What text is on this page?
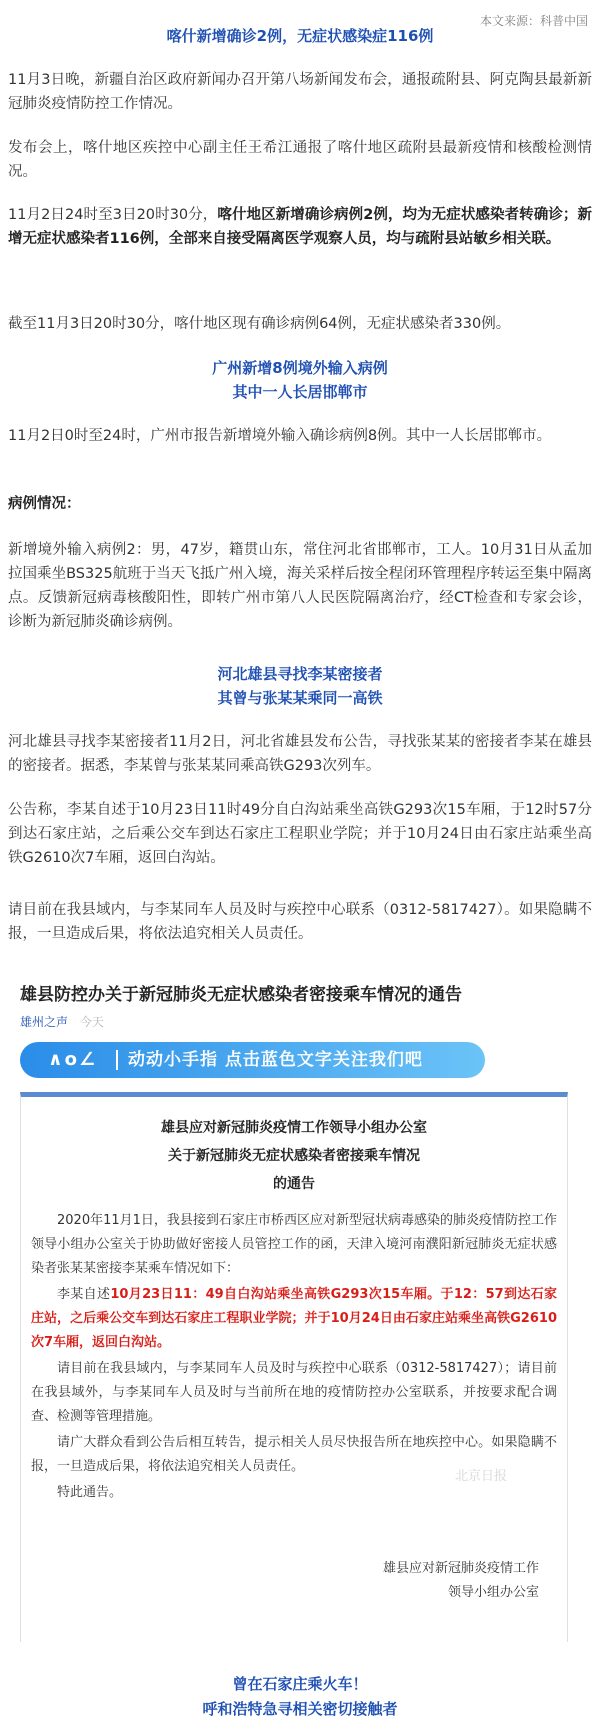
本文来源：科普中国
喀什新增确诊2例，无症状感染症116例
11月3日晚，新疆自治区政府新闻办召开第八场新闻发布会，通报疏附县、阿克陶县最新新冠肺炎疫情防控工作情况。
发布会上，喀什地区疾控中心副主任王希江通报了喀什地区疏附县最新疫情和核酸检测情况。
11月2日24时至3日20时30分，喀什地区新增确诊病例2例，均为无症状感染者转确诊；新增无症状感染者116例，全部来自接受隔离医学观察人员，均与疏附县站敏乡相关联。
截至11月3日20时30分，喀什地区现有确诊病例64例，无症状感染者330例。
广州新增8例境外输入病例
其中一人长居邯郸市
11月2日0时至24时，广州市报告新增境外输入确诊病例8例。其中一人长居邯郸市。
病例情况：
新增境外输入病例2：男，47岁，籍贯山东，常住河北省邯郸市，工人。10月31日从孟加拉国乘坐BS325航班于当天飞抵广州入境，海关采样后按全程闭环管理程序转运至集中隔离点。反馈新冠病毒核酸阳性，即转广州市第八人民医院隔离治疗，经CT检查和专家会诊，诊断为新冠肺炎确诊病例。
河北雄县寻找李某密接者
其曾与张某某乘同一高铁
河北雄县寻找李某密接者11月2日，河北省雄县发布公告，寻找张某某的密接者李某在雄县的密接者。据悉，李某曾与张某某同乘高铁G293次列车。
公告称，李某自述于10月23日11时49分自白沟站乘坐高铁G293次15车厢，于12时57分到达石家庄站，之后乘公交车到达石家庄工程职业学院；并于10月24日由石家庄站乘坐高铁G2610次7车厢，返回白沟站。
请目前在我县域内，与李某同车人员及时与疾控中心联系（0312-5817427）。如果隐瞒不报，一旦造成后果，将依法追究相关人员责任。
雄县防控办关于新冠肺炎无症状感染者密接乘车情况的通告
雄州之声 今天
∧o∠ 动动小手指 点击蓝色文字关注我们吧
雄县应对新冠肺炎疫情工作领导小组办公室
关于新冠肺炎无症状感染者密接乘车情况
的通告
2020年11月1日，我县接到石家庄市桥西区应对新型冠状病毒感染的肺炎疫情防控工作领导小组办公室关于协助做好密接人员管控工作的函，天津入境河南濮阳新冠肺炎无症状感染者张某某密接李某乘车情况如下：
李某自述10月23日11：49自白沟站乘坐高铁G293次15车厢。于12：57到达石家庄站，之后乘公交车到达石家庄工程职业学院；并于10月24日由石家庄站乘坐高铁G2610次7车厢，返回白沟站。
请目前在我县域内，与李某同车人员及时与疾控中心联系（0312-5817427）；请目前在我县域外，与李某同车人员及时与当前所在地的疫情防控办公室联系，并按要求配合调查、检测等管理措施。
请广大群众看到公告后相互转告，提示相关人员尽快报告所在地疾控中心。如果隐瞒不报，一旦造成后果，将依法追究相关人员责任。
特此通告。
雄县应对新冠肺炎疫情工作
领导小组办公室
北京日报
曾在石家庄乘火车！
呼和浩特急寻相关密切接触者
